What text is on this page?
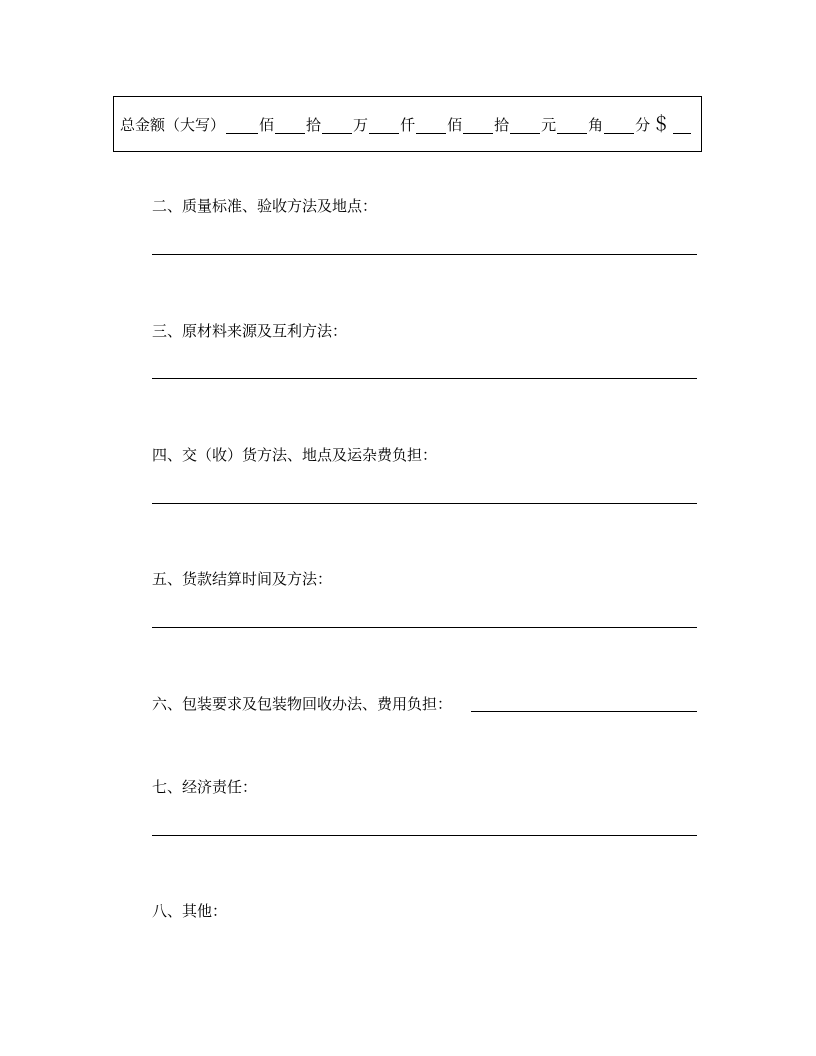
总金额（大写） 佰 拾 万 仟 佰 拾 元 角 分 ＄
二、质量标准、验收方法及地点：
三、原材料来源及互利方法：
四、交（收）货方法、地点及运杂费负担：
五、货款结算时间及方法：
六、包装要求及包装物回收办法、费用负担：
七、经济责任：
八、其他：
